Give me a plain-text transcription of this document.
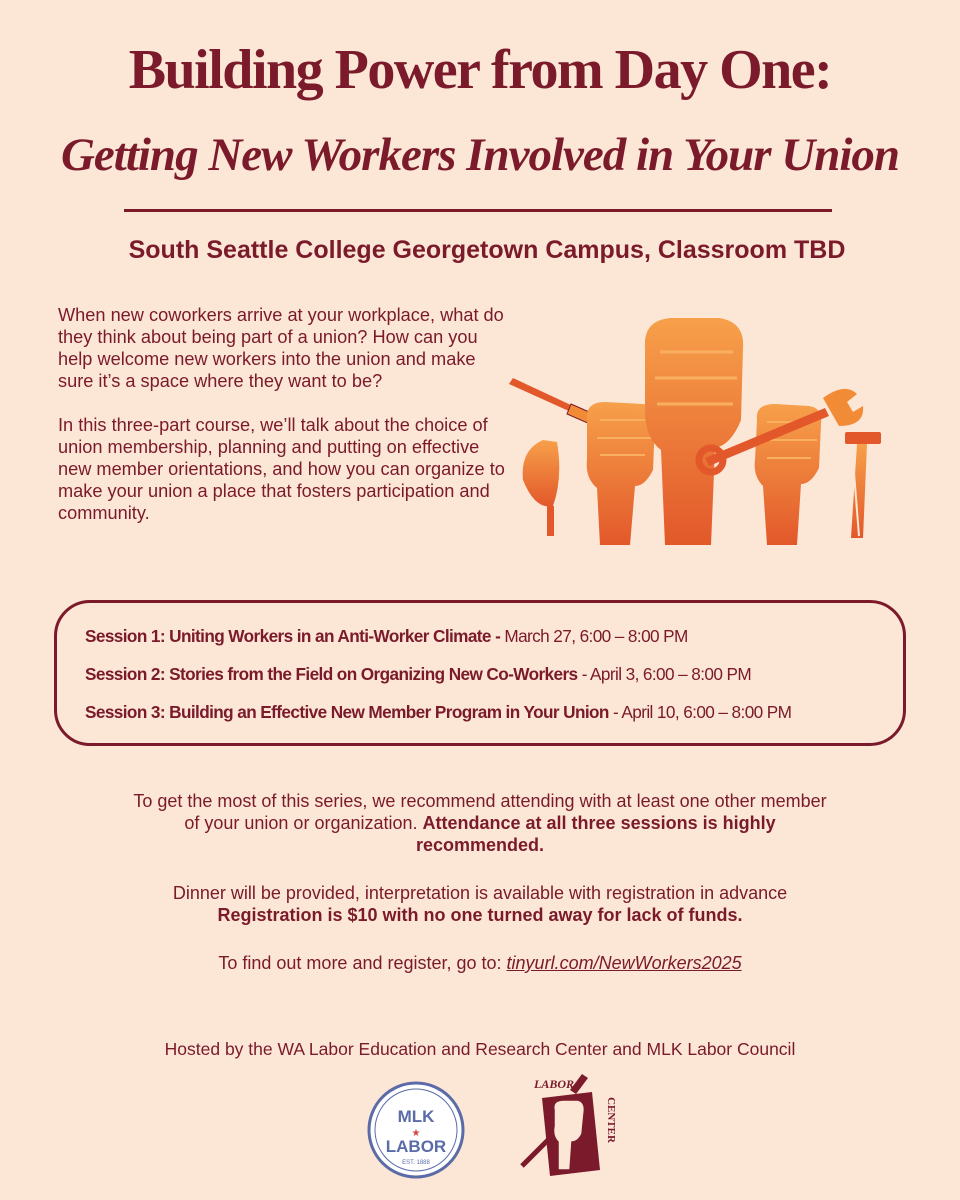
Building Power from Day One:
Getting New Workers Involved in Your Union
South Seattle College Georgetown Campus, Classroom TBD

When new coworkers arrive at your workplace, what do they think about being part of a union? How can you help welcome new workers into the union and make sure it’s a space where they want to be?

In this three-part course, we’ll talk about the choice of union membership, planning and putting on effective new member orientations, and how you can organize to make your union a place that fosters participation and community.

Session 1: Uniting Workers in an Anti-Worker Climate - March 27, 6:00 – 8:00 PM
Session 2: Stories from the Field on Organizing New Co-Workers - April 3, 6:00 – 8:00 PM
Session 3: Building an Effective New Member Program in Your Union - April 10, 6:00 – 8:00 PM
To get the most of this series, we recommend attending with at least one other member
of your union or organization. Attendance at all three sessions is highly
recommended.
Dinner will be provided, interpretation is available with registration in advance
Registration is $10 with no one turned away for lack of funds.
To find out more and register, go to: tinyurl.com/NewWorkers2025
Hosted by the WA Labor Education and Research Center and MLK Labor Council
MLK
★
LABOR
EST. 1888
LABOR
CENTER
